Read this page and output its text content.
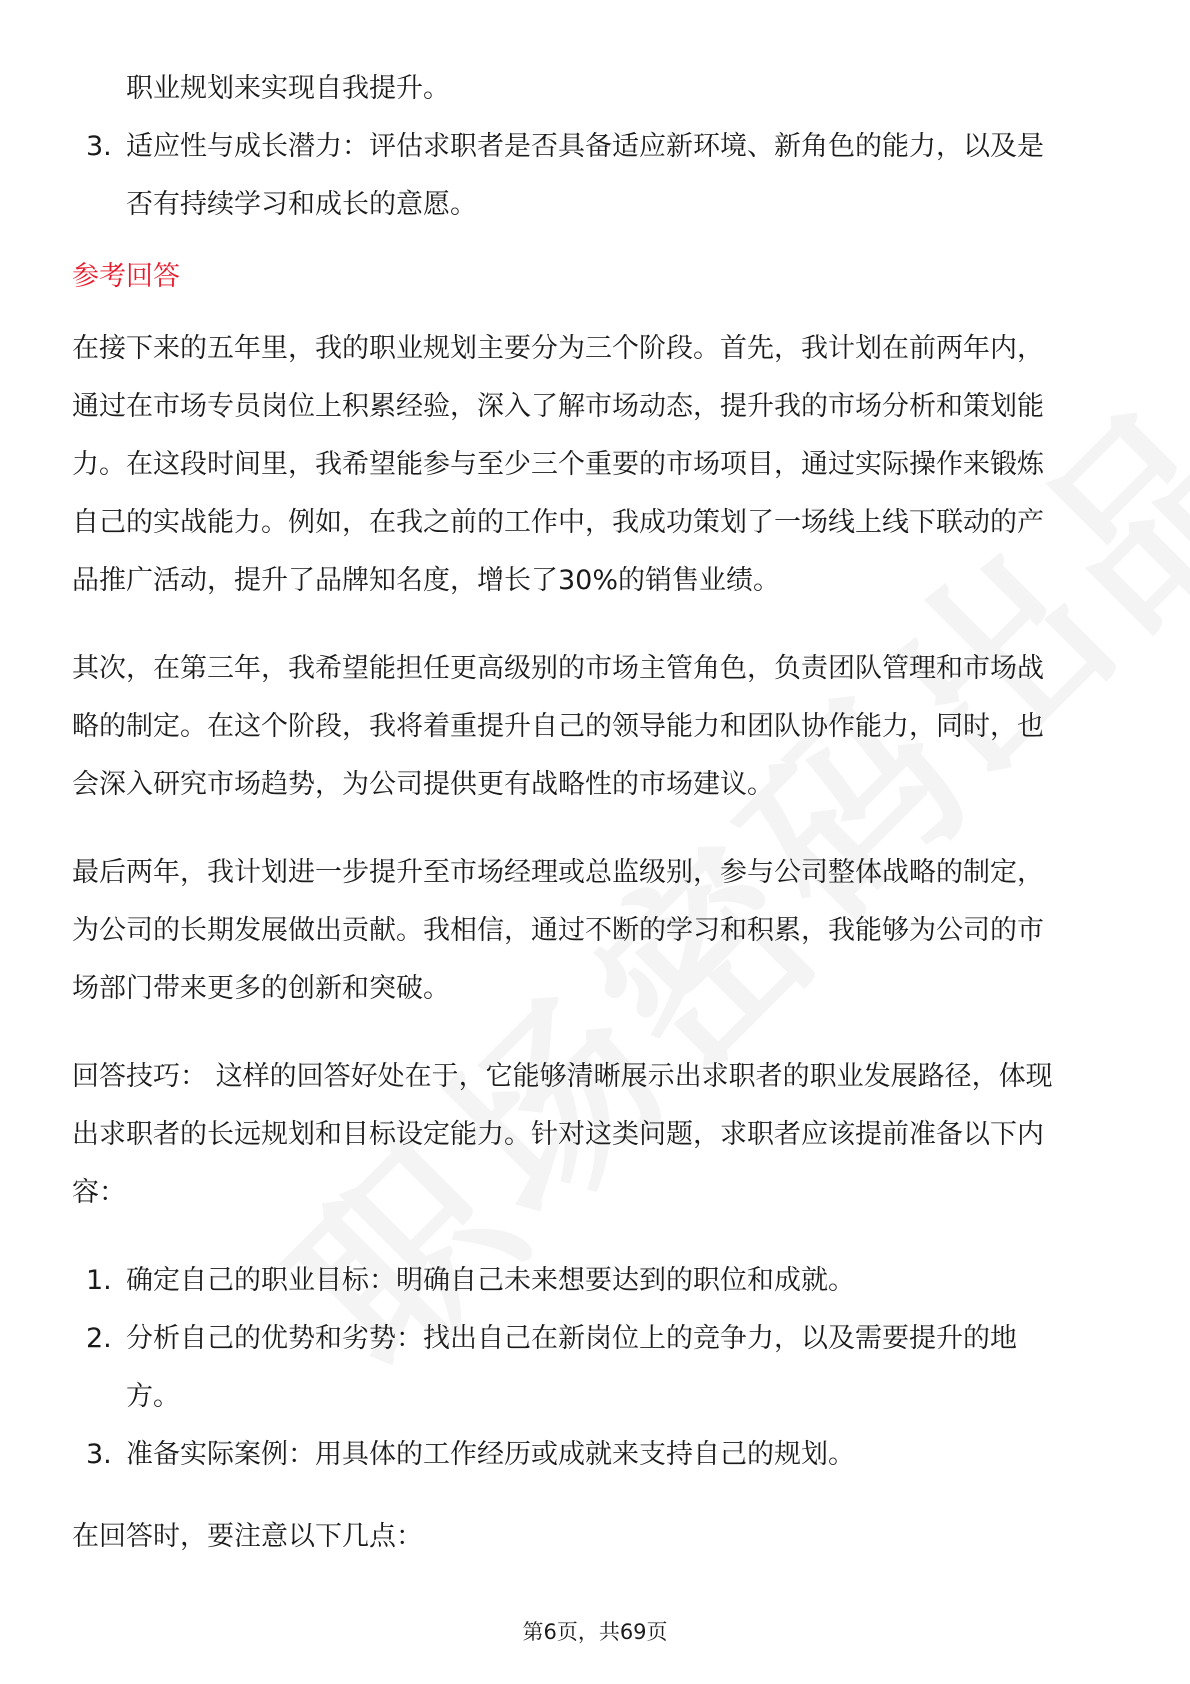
职业规划来实现自我提升。
3. 适应性与成长潜力：评估求职者是否具备适应新环境、新角色的能力，以及是
否有持续学习和成长的意愿。
参考回答
在接下来的五年里，我的职业规划主要分为三个阶段。首先，我计划在前两年内，
通过在市场专员岗位上积累经验，深入了解市场动态，提升我的市场分析和策划能
力。在这段时间里，我希望能参与至少三个重要的市场项目，通过实际操作来锻炼
自己的实战能力。例如，在我之前的工作中，我成功策划了一场线上线下联动的产
品推广活动，提升了品牌知名度，增长了30%的销售业绩。
其次，在第三年，我希望能担任更高级别的市场主管角色，负责团队管理和市场战
略的制定。在这个阶段，我将着重提升自己的领导能力和团队协作能力，同时，也
会深入研究市场趋势，为公司提供更有战略性的市场建议。
最后两年，我计划进一步提升至市场经理或总监级别，参与公司整体战略的制定，
为公司的长期发展做出贡献。我相信，通过不断的学习和积累，我能够为公司的市
场部门带来更多的创新和突破。
回答技巧： 这样的回答好处在于，它能够清晰展示出求职者的职业发展路径，体现
出求职者的长远规划和目标设定能力。针对这类问题，求职者应该提前准备以下内
容：
1. 确定自己的职业目标：明确自己未来想要达到的职位和成就。
2. 分析自己的优势和劣势：找出自己在新岗位上的竞争力，以及需要提升的地
方。
3. 准备实际案例：用具体的工作经历或成就来支持自己的规划。
在回答时，要注意以下几点：
第6页，共69页
